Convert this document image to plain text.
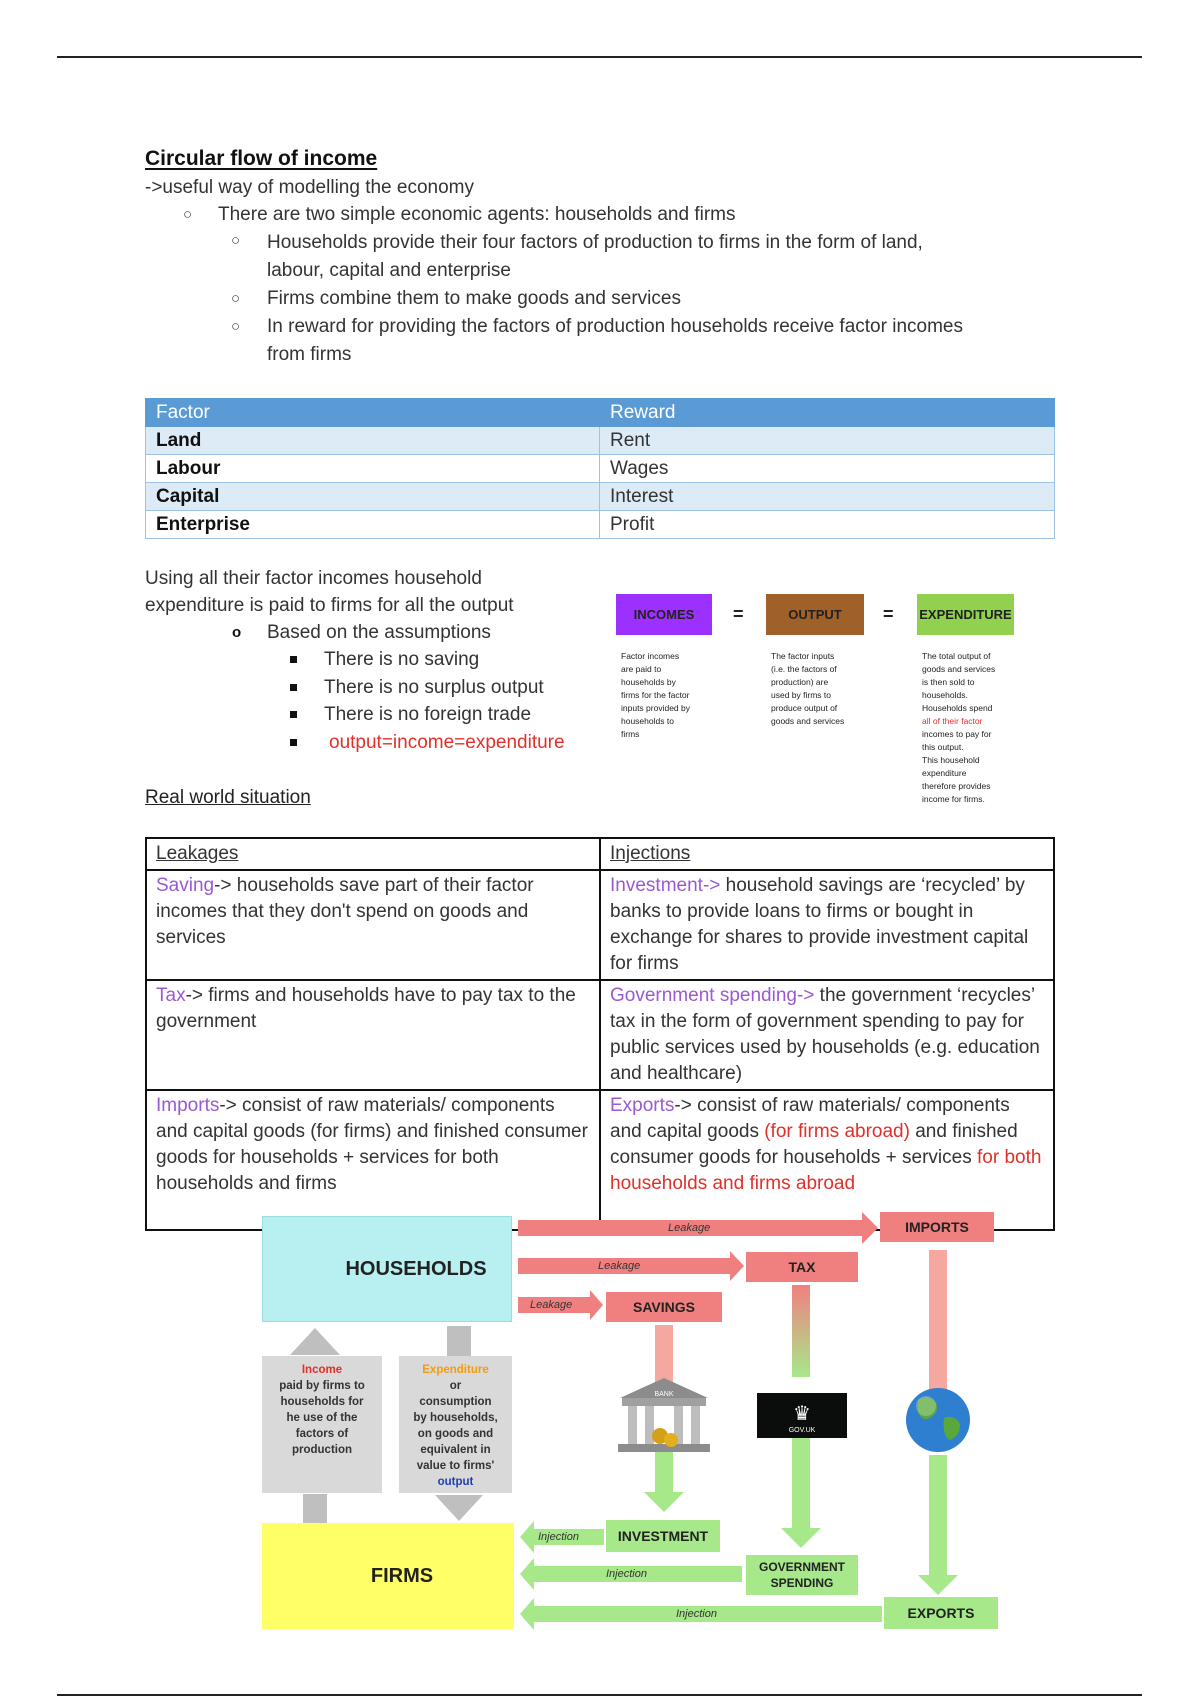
Circular flow of income
->useful way of modelling the economy
○ There are two simple economic agents: households and firms
○ Households provide their four factors of production to firms in the form of land,
labour, capital and enterprise
○ Firms combine them to make goods and services
○ In reward for providing the factors of production households receive factor incomes
from firms
Factor	Reward
Land	Rent
Labour	Wages
Capital	Interest
Enterprise	Profit
Using all their factor incomes household
expenditure is paid to firms for all the output
o Based on the assumptions
There is no saving
There is no surplus output
There is no foreign trade
output=income=expenditure
INCOMES	=	OUTPUT	= EXPENDITURE
Factor incomes
are paid to
households by
firms for the factor
inputs provided by
households to
firms
The factor inputs
(i.e. the factors of
production) are
used by firms to
produce output of
goods and services
The total output of
goods and services
is then sold to
households.
Households spend
all of their factor
incomes to pay for
this output.
This household
expenditure
therefore provides
income for firms.
Real world situation
Leakages	Injections
Saving-> households save part of their factor incomes that they don't spend on goods and services	Investment-> household savings are ‘recycled’ by banks to provide loans to firms or bought in exchange for shares to provide investment capital for firms
Tax-> firms and households have to pay tax to the government	Government spending-> the government ‘recycles’ tax in the form of government spending to pay for public services used by households (e.g. education and healthcare)
Imports-> consist of raw materials/ components and capital goods (for firms) and finished consumer goods for households + services for both households and firms	Exports-> consist of raw materials/ components and capital goods (for firms abroad) and finished consumer goods for households + services for both households and firms abroad
BANK
♛
GOV.UK
HOUSEHOLDS
FIRMS
Leakage
Leakage
Leakage
Injection
Injection
Injection
IMPORTS
TAX
SAVINGS
INVESTMENT
GOVERNMENT
SPENDING
EXPORTS
Income
paid by firms to
households for
he use of the
factors of
production
Expenditure
or
consumption
by households,
on goods and
equivalent in
value to firms'
output
